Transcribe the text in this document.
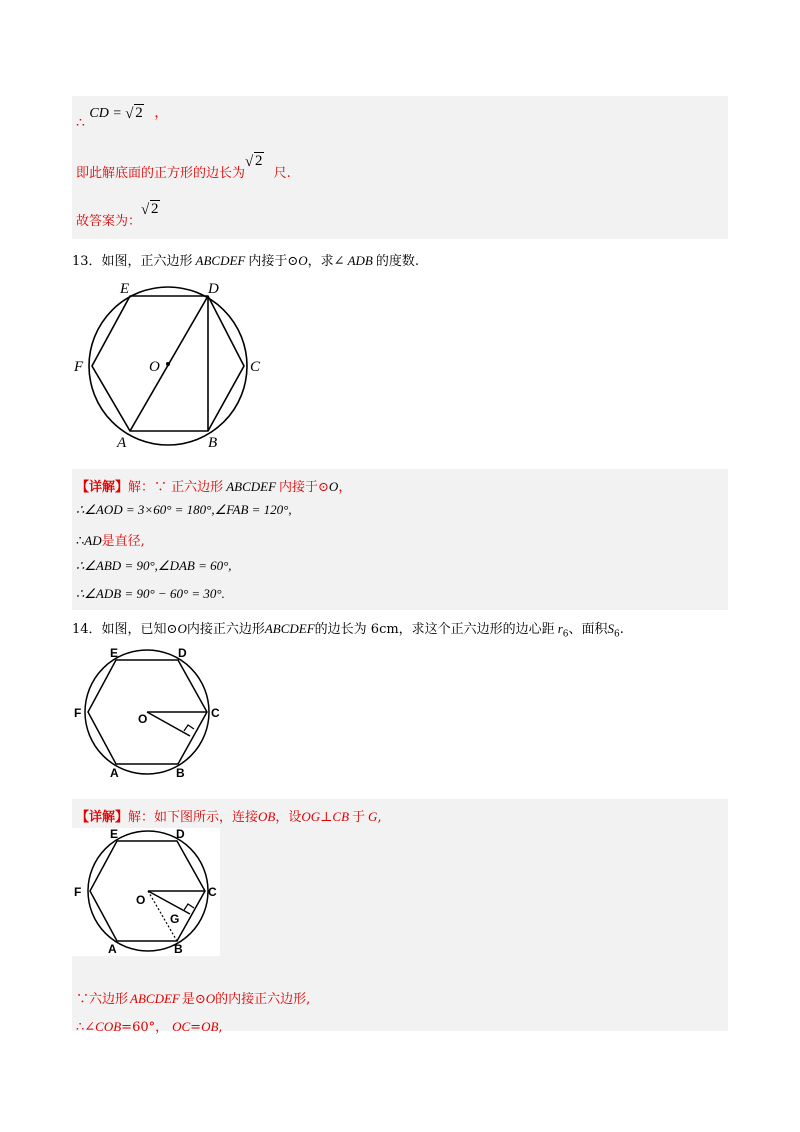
∴ CD = √ 2 ，
即此解底面的正方形的边长为
√ 2 尺.
故答案为：
√ 2
13．如图，正六边形 ABCDEF 内接于⊙O，求∠ ADB 的度数.
E	D
F	O	C
A	B
【详解】解：∵ 正六边形 ABCDEF 内接于⊙O，
∴∠AOD = 3×60° = 180°,∠FAB = 120°,
∴AD是直径,
∴∠ABD = 90°,∠DAB = 60°,
∴∠ADB = 90° − 60° = 30°.
14．如图，已知⊙O内接正六边形ABCDEF的边长为 6cm，求这个正六边形的边心距 $r_6$、面积$S_6$.
E	D
F	O	C
A	B
【详解】解：如下图所示，连接OB，设OG⊥CB 于 G,
E	D
F
O
C
G
A	B
∵六边形 ABCDEF 是⊙O的内接正六边形,
∴∠COB=60°， OC=OB,
